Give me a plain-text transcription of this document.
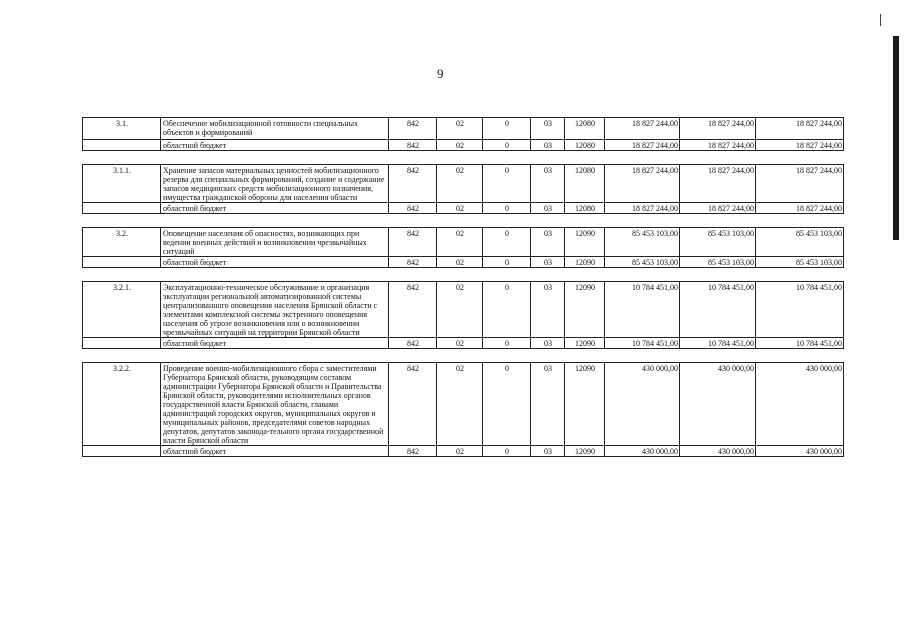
9
3.1.	Обеспечение мобилизационной готовности специальных объектов и формирований	842	02	0	03	12080	18 827 244,00	18 827 244,00	18 827 244,00
	областной бюджет	842	02	0	03	12080	18 827 244,00	18 827 244,00	18 827 244,00

3.1.1.	Хранение запасов материальных ценностей мобилизационного резерва для специальных формирований, создание и содержание запасов медицинских средств мобилизационного назначения, имущества гражданской обороны для населения области	842	02	0	03	12080	18 827 244,00	18 827 244,00	18 827 244,00
	областной бюджет	842	02	0	03	12080	18 827 244,00	18 827 244,00	18 827 244,00

3.2.	Оповещение населения об опасностях, возникающих при ведении военных действий и возникновении чрезвычайных ситуаций	842	02	0	03	12090	85 453 103,00	85 453 103,00	85 453 103,00
	областной бюджет	842	02	0	03	12090	85 453 103,00	85 453 103,00	85 453 103,00

3.2.1.	Эксплуатационно-техническое обслуживание и организация эксплуатации региональной автоматизированной системы централизованного оповещения населения Брянской области с элементами комплексной системы экстренного оповещения населения об угрозе возникновения или о возникновении чрезвычайных ситуаций на территории Брянской области	842	02	0	03	12090	10 784 451,00	10 784 451,00	10 784 451,00
	областной бюджет	842	02	0	03	12090	10 784 451,00	10 784 451,00	10 784 451,00

3.2.2.	Проведение военно-мобилизационного сбора с заместителями Губернатора Брянской области, руководящим составом администрации Губернатора Брянской области и Правительства Брянской области, руководителями исполнительных органов государственной власти Брянской области, главами администраций городских округов, муниципальных округов и муниципальных районов, председателями советов народных депутатов, депутатов законода-тельного органа государственной власти Брянской области	842	02	0	03	12090	430 000,00	430 000,00	430 000,00
	областной бюджет	842	02	0	03	12090	430 000,00	430 000,00	430 000,00
